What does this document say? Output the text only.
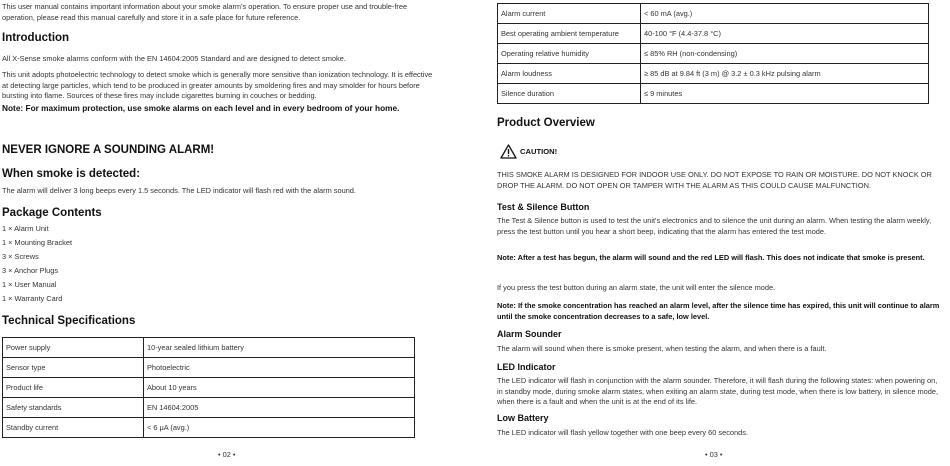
This user manual contains important information about your smoke alarm's operation. To ensure proper use and trouble-free operation, please read this manual carefully and store it in a safe place for future reference.

Introduction

All X-Sense smoke alarms conform with the EN 14604:2005 Standard and are designed to detect smoke.

This unit adopts photoelectric technology to detect smoke which is generally more sensitive than ionization technology. It is effective at detecting large particles, which tend to be produced in greater amounts by smoldering fires and may smolder for hours before bursting into flame. Sources of these fires may include cigarettes burning in couches or bedding.

Note: For maximum protection, use smoke alarms on each level and in every bedroom of your home.

NEVER IGNORE A SOUNDING ALARM!
When smoke is detected:

The alarm will deliver 3 long beeps every 1.5 seconds. The LED indicator will flash red with the alarm sound.

Package Contents
1 × Alarm Unit
1 × Mounting Bracket
3 × Screws
3 × Anchor Plugs
1 × User Manual
1 × Warranty Card
Technical Specifications
Power supply	10-year sealed lithium battery
Sensor type	Photoelectric
Product life	About 10 years
Safety standards	EN 14604:2005
Standby current	< 6 μA (avg.)
• 02 •
Alarm current	< 60 mA (avg.)
Best operating ambient temperature	40-100 °F (4.4-37.8 °C)
Operating relative humidity	≤ 85% RH (non-condensing)
Alarm loudness	≥ 85 dB at 9.84 ft (3 m) @ 3.2 ± 0.3 kHz pulsing alarm
Silence duration	≤ 9 minutes
Product Overview
CAUTION!

THIS SMOKE ALARM IS DESIGNED FOR INDOOR USE ONLY. DO NOT EXPOSE TO RAIN OR MOISTURE. DO NOT KNOCK OR DROP THE ALARM. DO NOT OPEN OR TAMPER WITH THE ALARM AS THIS COULD CAUSE MALFUNCTION.

Test & Silence Button

The Test & Silence button is used to test the unit's electronics and to silence the unit during an alarm. When testing the alarm weekly, press the test button until you hear a short beep, indicating that the alarm has entered the test mode.

Note: After a test has begun, the alarm will sound and the red LED will flash. This does not indicate that smoke is present.

If you press the test button during an alarm state, the unit will enter the silence mode.

Note: If the smoke concentration has reached an alarm level, after the silence time has expired, this unit will continue to alarm until the smoke concentration decreases to a safe, low level.

Alarm Sounder

The alarm will sound when there is smoke present, when testing the alarm, and when there is a fault.

LED Indicator

The LED indicator will flash in conjunction with the alarm sounder. Therefore, it will flash during the following states: when powering on, in standby mode, during smoke alarm states, when exiting an alarm state, during test mode, when there is low battery, in silence mode, when there is a fault and when the unit is at the end of its life.

Low Battery

The LED indicator will flash yellow together with one beep every 60 seconds.

• 03 •
